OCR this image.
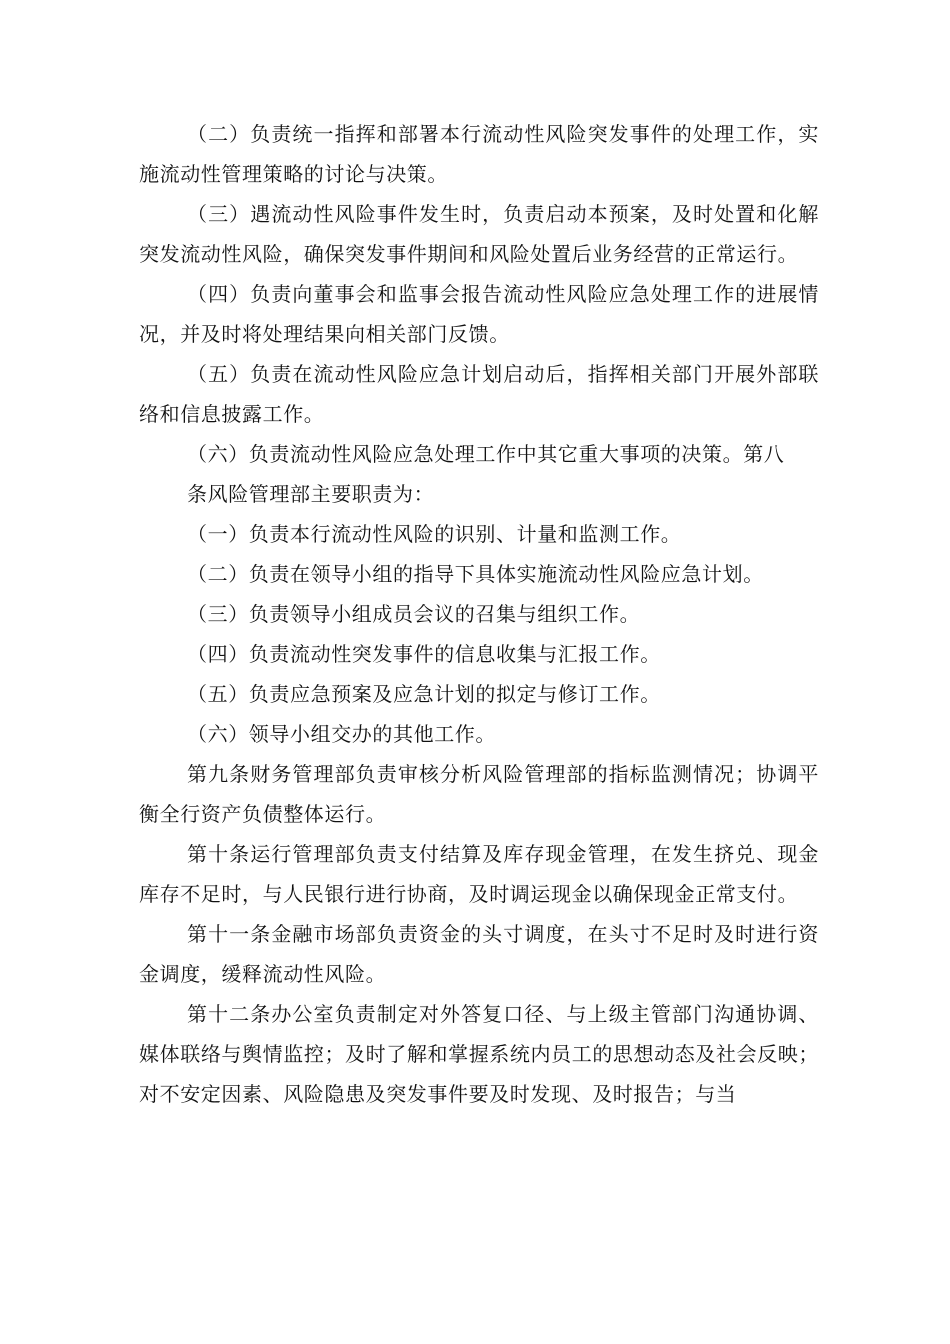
（二）负责统一指挥和部署本行流动性风险突发事件的处理工作，实施流动性管理策略的讨论与决策。

（三）遇流动性风险事件发生时，负责启动本预案，及时处置和化解突发流动性风险，确保突发事件期间和风险处置后业务经营的正常运行。

（四）负责向董事会和监事会报告流动性风险应急处理工作的进展情况，并及时将处理结果向相关部门反馈。

（五）负责在流动性风险应急计划启动后，指挥相关部门开展外部联络和信息披露工作。

（六）负责流动性风险应急处理工作中其它重大事项的决策。第八

条风险管理部主要职责为：

（一）负责本行流动性风险的识别、计量和监测工作。

（二）负责在领导小组的指导下具体实施流动性风险应急计划。

（三）负责领导小组成员会议的召集与组织工作。

（四）负责流动性突发事件的信息收集与汇报工作。

（五）负责应急预案及应急计划的拟定与修订工作。

（六）领导小组交办的其他工作。

第九条财务管理部负责审核分析风险管理部的指标监测情况；协调平衡全行资产负债整体运行。

第十条运行管理部负责支付结算及库存现金管理，在发生挤兑、现金库存不足时，与人民银行进行协商，及时调运现金以确保现金正常支付。

第十一条金融市场部负责资金的头寸调度，在头寸不足时及时进行资金调度，缓释流动性风险。

第十二条办公室负责制定对外答复口径、与上级主管部门沟通协调、媒体联络与舆情监控；及时了解和掌握系统内员工的思想动态及社会反映；对不安定因素、风险隐患及突发事件要及时发现、及时报告；与当
